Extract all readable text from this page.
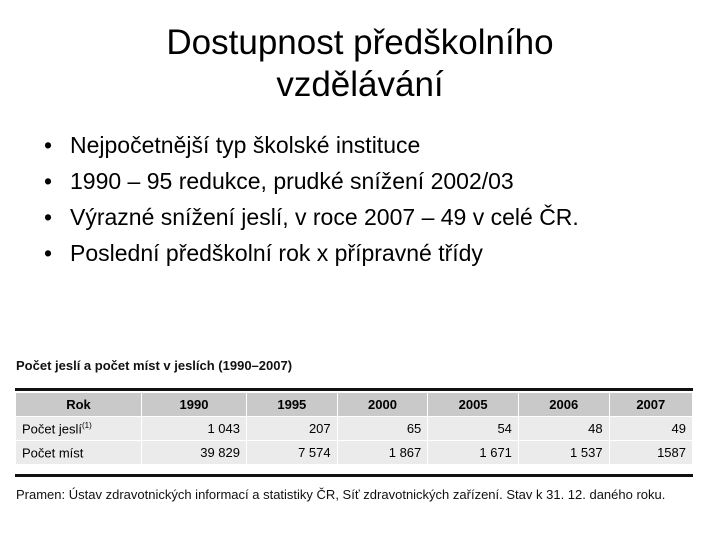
Dostupnost předškolního
vzdělávání
• Nejpočetnější typ školské instituce
• 1990 – 95 redukce, prudké snížení 2002/03
• Výrazné snížení jeslí, v roce 2007 – 49 v celé ČR.
• Poslední předškolní rok x přípravné třídy
Počet jeslí a počet míst v jeslích (1990–2007)
Rok	1990	1995	2000	2005	2006	2007
Počet jeslí$^{(1)}$	1 043	207	65	54	48	49
Počet míst	39 829	7 574	1 867	1 671	1 537	1587
Pramen: Ústav zdravotnických informací a statistiky ČR, Síť zdravotnických zařízení. Stav k 31. 12. daného roku.
